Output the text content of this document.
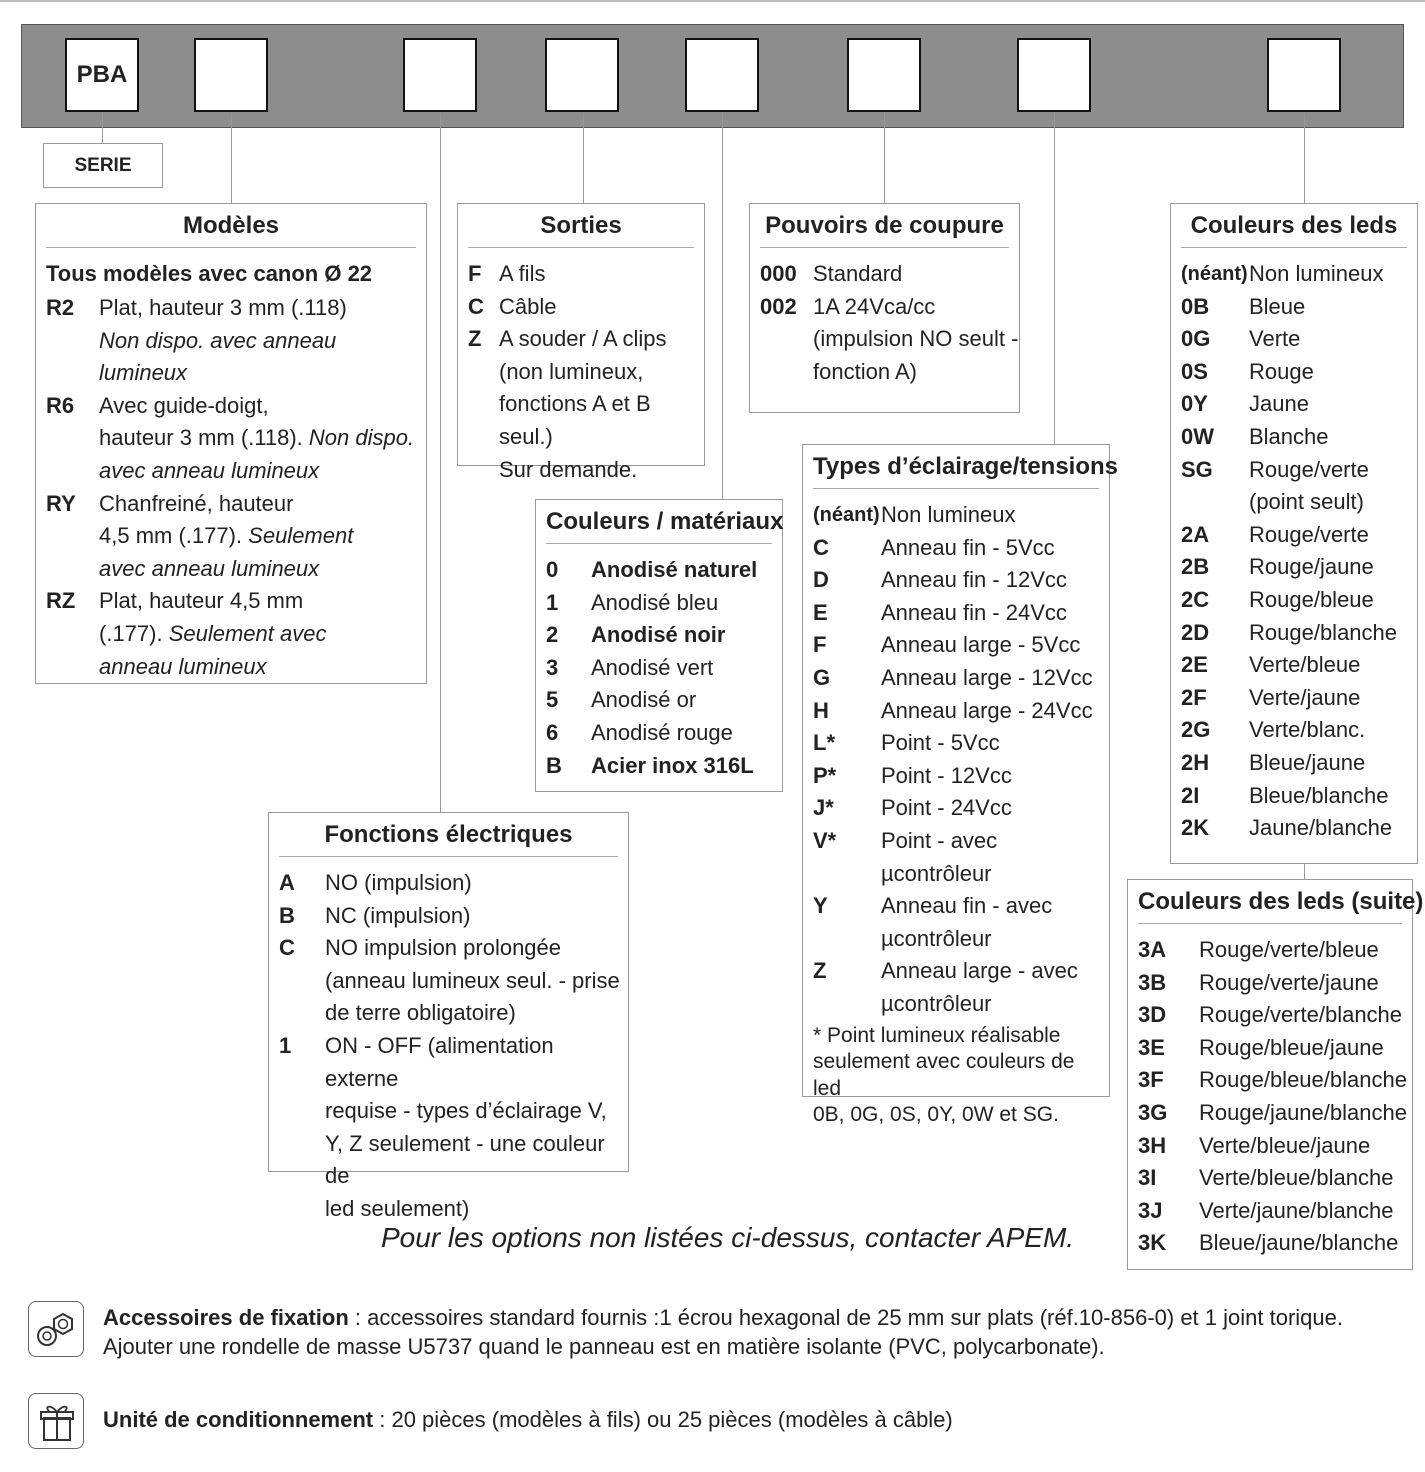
PBA
SERIE
Modèles
Tous modèles avec canon Ø 22
R2	Plat, hauteur 3 mm (.118)
Non dispo. avec anneau lumineux
R6	Avec guide-doigt,
hauteur 3 mm (.118). Non dispo.
avec anneau lumineux
RY	Chanfreiné, hauteur
4,5 mm (.177). Seulement
avec anneau lumineux
RZ	Plat, hauteur 4,5 mm
(.177). Seulement avec
anneau lumineux
Sorties
F A fils
C Câble
Z A souder / A clips
(non lumineux,
fonctions A et B seul.)
Sur demande.
Couleurs / matériaux
0	Anodisé naturel
1	Anodisé bleu
2	Anodisé noir
3	Anodisé vert
5	Anodisé or
6	Anodisé rouge
B	Acier inox 316L
Pouvoirs de coupure
000 Standard
002 1A 24Vca/cc
(impulsion NO seult -
fonction A)
Fonctions électriques
A	NO (impulsion)
B	NC (impulsion)
C	NO impulsion prolongée
(anneau lumineux seul. - prise
de terre obligatoire)
1	ON - OFF (alimentation externe
requise - types d’éclairage V,
Y, Z seulement - une couleur de
led seulement)
Types d’éclairage/tensions
(néant) Non lumineux
C	Anneau fin - 5Vcc
D	Anneau fin - 12Vcc
E	Anneau fin - 24Vcc
F	Anneau large - 5Vcc
G	Anneau large - 12Vcc
H	Anneau large - 24Vcc
L*	Point - 5Vcc
P*	Point - 12Vcc
J*	Point - 24Vcc
V*	Point - avec µcontrôleur
Y	Anneau fin - avec
µcontrôleur
Z	Anneau large - avec
µcontrôleur
* Point lumineux réalisable
seulement avec couleurs de led
0B, 0G, 0S, 0Y, 0W et SG.
Couleurs des leds
(néant) Non lumineux
0B	Bleue
0G	Verte
0S	Rouge
0Y	Jaune
0W	Blanche
SG	Rouge/verte
(point seult)
2A	Rouge/verte
2B	Rouge/jaune
2C	Rouge/bleue
2D	Rouge/blanche
2E	Verte/bleue
2F	Verte/jaune
2G	Verte/blanc.
2H	Bleue/jaune
2I	Bleue/blanche
2K	Jaune/blanche
Couleurs des leds (suite)
3A	Rouge/verte/bleue
3B	Rouge/verte/jaune
3D	Rouge/verte/blanche
3E	Rouge/bleue/jaune
3F	Rouge/bleue/blanche
3G	Rouge/jaune/blanche
3H	Verte/bleue/jaune
3I	Verte/bleue/blanche
3J	Verte/jaune/blanche
3K	Bleue/jaune/blanche
Pour les options non listées ci-dessus, contacter APEM.
Accessoires de fixation : accessoires standard fournis :1 écrou hexagonal de 25 mm sur plats (réf.10-856-0) et 1 joint torique.
Ajouter une rondelle de masse U5737 quand le panneau est en matière isolante (PVC, polycarbonate).
Unité de conditionnement : 20 pièces (modèles à fils) ou 25 pièces (modèles à câble)
